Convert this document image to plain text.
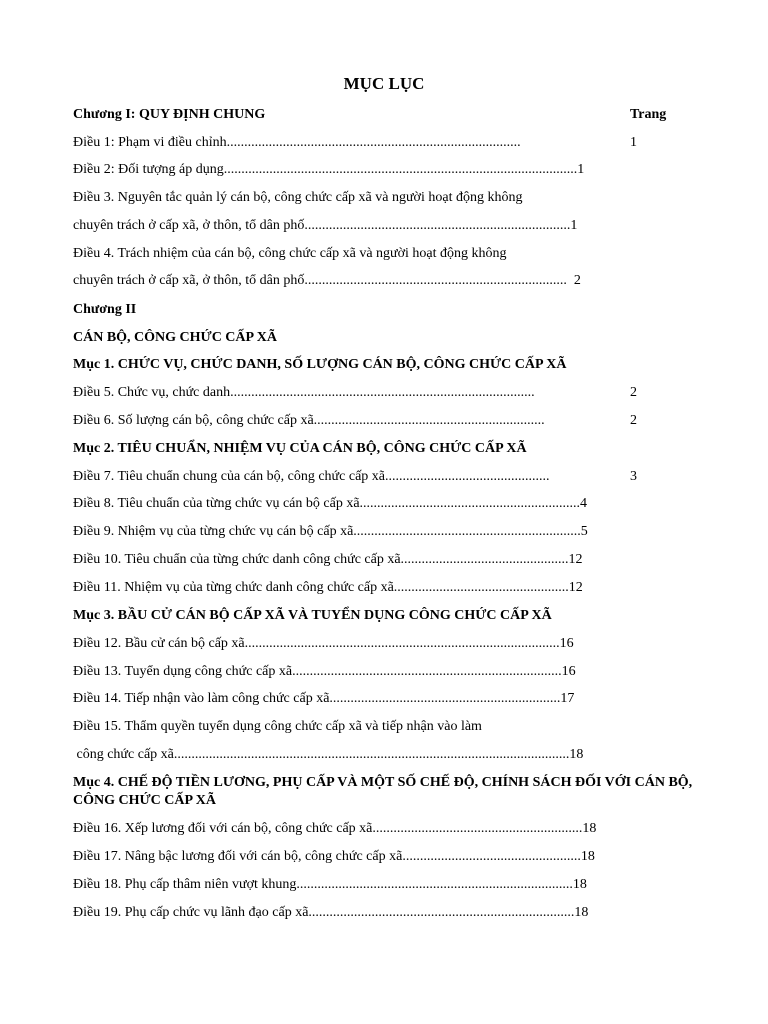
MỤC LỤC
Chương I: QUY ĐỊNH CHUNG	Trang
Điều 1: Phạm vi điều chỉnh....................................................................................	1
Điều 2: Đối tượng áp dụng.....................................................................................................1
Điều 3. Nguyên tắc quản lý cán bộ, công chức cấp xã và người hoạt động không
chuyên trách ở cấp xã, ở thôn, tổ dân phố............................................................................1
Điều 4. Trách nhiệm của cán bộ, công chức cấp xã và người hoạt động không
chuyên trách ở cấp xã, ở thôn, tổ dân phố...........................................................................  2
Chương II
CÁN BỘ, CÔNG CHỨC CẤP XÃ
Mục 1. CHỨC VỤ, CHỨC DANH, SỐ LƯỢNG CÁN BỘ, CÔNG CHỨC CẤP XÃ
Điều 5. Chức vụ, chức danh.......................................................................................	2
Điều 6. Số lượng cán bộ, công chức cấp xã..................................................................	2
Mục 2. TIÊU CHUẨN, NHIỆM VỤ CỦA CÁN BỘ, CÔNG CHỨC CẤP XÃ
Điều 7. Tiêu chuẩn chung của cán bộ, công chức cấp xã...............................................	3
Điều 8. Tiêu chuẩn của từng chức vụ cán bộ cấp xã...............................................................4
Điều 9. Nhiệm vụ của từng chức vụ cán bộ cấp xã.................................................................5
Điều 10. Tiêu chuẩn của từng chức danh công chức cấp xã................................................12
Điều 11. Nhiệm vụ của từng chức danh công chức cấp xã..................................................12
Mục 3. BẦU CỬ CÁN BỘ CẤP XÃ VÀ TUYỂN DỤNG CÔNG CHỨC CẤP XÃ
Điều 12. Bầu cử cán bộ cấp xã..........................................................................................16
Điều 13. Tuyển dụng công chức cấp xã.............................................................................16
Điều 14. Tiếp nhận vào làm công chức cấp xã..................................................................17
Điều 15. Thẩm quyền tuyển dụng công chức cấp xã và tiếp nhận vào làm
công chức cấp xã.................................................................................................................18
Mục 4. CHẾ ĐỘ TIỀN LƯƠNG, PHỤ CẤP VÀ MỘT SỐ CHẾ ĐỘ, CHÍNH SÁCH ĐỐI VỚI CÁN BỘ, CÔNG CHỨC CẤP XÃ
Điều 16. Xếp lương đối với cán bộ, công chức cấp xã............................................................18
Điều 17. Nâng bậc lương đối với cán bộ, công chức cấp xã...................................................18
Điều 18. Phụ cấp thâm niên vượt khung...............................................................................18
Điều 19. Phụ cấp chức vụ lãnh đạo cấp xã............................................................................18
